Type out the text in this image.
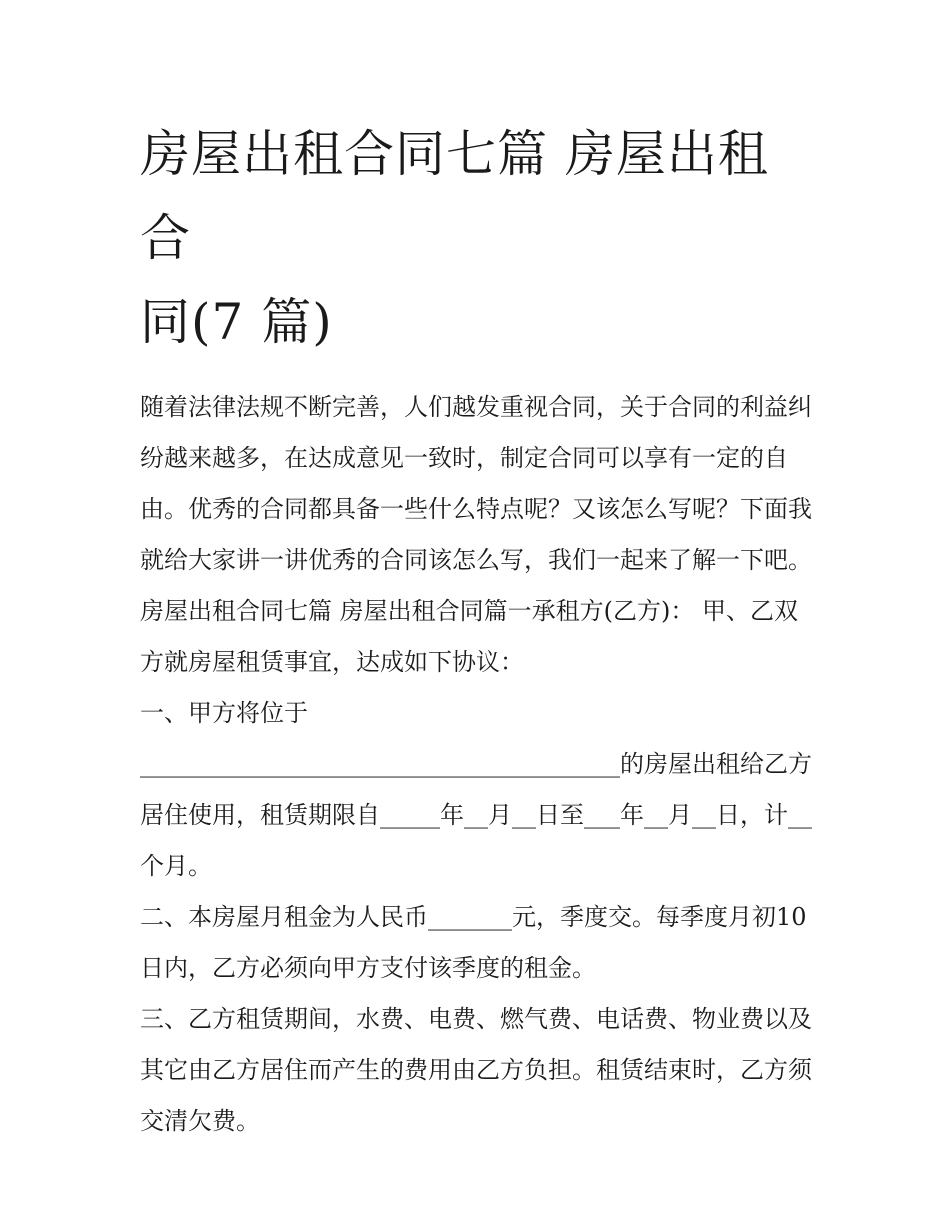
房屋出租合同七篇 房屋出租合
同(7 篇)

随着法律法规不断完善，人们越发重视合同，关于合同的利益纠纷越来越多，在达成意见一致时，制定合同可以享有一定的自由。优秀的合同都具备一些什么特点呢？又该怎么写呢？下面我就给大家讲一讲优秀的合同该怎么写，我们一起来了解一下吧。

房屋出租合同七篇 房屋出租合同篇一承租方(乙方)： 甲、乙双方就房屋租赁事宜，达成如下协议：

一、甲方将位于

________________________________________的房屋出租给乙方居住使用，租赁期限自_____年__月__日至___年__月__日，计__个月。

二、本房屋月租金为人民币_______元，季度交。每季度月初10 日内，乙方必须向甲方支付该季度的租金。

三、乙方租赁期间，水费、电费、燃气费、电话费、物业费以及其它由乙方居住而产生的费用由乙方负担。租赁结束时，乙方须交清欠费。
